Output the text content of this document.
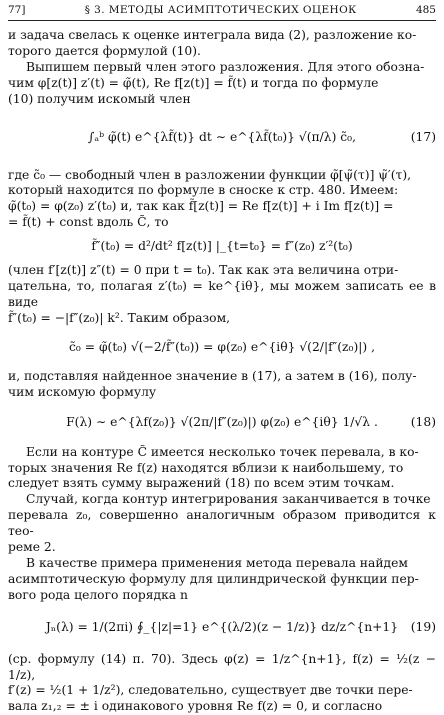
77]	§ 3. МЕТОДЫ АСИМПТОТИЧЕСКИХ ОЦЕНОК	485

и задача свелась к оценке интеграла вида (2), разложение ко-

торого дается формулой (10).

Выпишем первый член этого разложения. Для этого обозна-

чим φ[z(t)] z′(t) = φ̃(t), Re f[z(t)] = f̃(t) и тогда по формуле

(10) получим искомый член

∫ₐᵇ φ̃(t) e^{λf̃(t)} dt ∼ e^{λf̃(t₀)} √(π/λ) c̃₀,	(17)

где c̃₀ — свободный член в разложении функции φ̃[ψ̃(τ)] ψ̃′(τ),

который находится по формуле в сноске к стр. 480. Имеем:

φ̃(t₀) = φ(z₀) z′(t₀) и, так как f̃[z(t)] = Re f[z(t)] + i Im f[z(t)] =

= f̃(t) + const вдоль C̃, то

f̃″(t₀) = d²/dt² f[z(t)] |_{t=t₀} = f″(z₀) z′²(t₀)

(член f′[z(t)] z″(t) = 0 при t = t₀). Так как эта величина отри-

цательна, то, полагая z′(t₀) = ke^{iθ}, мы можем записать ее в виде

f̃″(t₀) = −|f″(z₀)| k². Таким образом,

c̃₀ = φ̃(t₀) √(−2/f̃″(t₀)) = φ(z₀) e^{iθ} √(2/|f″(z₀)|) ,

и, подставляя найденное значение в (17), а затем в (16), полу-

чим искомую формулу

F(λ) ∼ e^{λf(z₀)} √(2π/|f″(z₀)|) φ(z₀) e^{iθ} 1/√λ .	(18)

Если на контуре C̃ имеется несколько точек перевала, в ко-

торых значения Re f(z) находятся вблизи к наибольшему, то

следует взять сумму выражений (18) по всем этим точкам.

Случай, когда контур интегрирования заканчивается в точке

перевала z₀, совершенно аналогичным образом приводится к тео-

реме 2.

В качестве примера применения метода перевала найдем

асимптотическую формулу для цилиндрической функции пер-

вого рода целого порядка n

Jₙ(λ) = 1/(2πi) ∮_{|z|=1} e^{(λ/2)(z − 1/z)} dz/z^{n+1} (19)

(ср. формулу (14) п. 70). Здесь φ(z) = 1/z^{n+1}, f(z) = ½(z − 1/z),

f′(z) = ½(1 + 1/z²), следовательно, существует две точки пере-

вала z₁,₂ = ± i одинакового уровня Re f(z) = 0, и согласно
